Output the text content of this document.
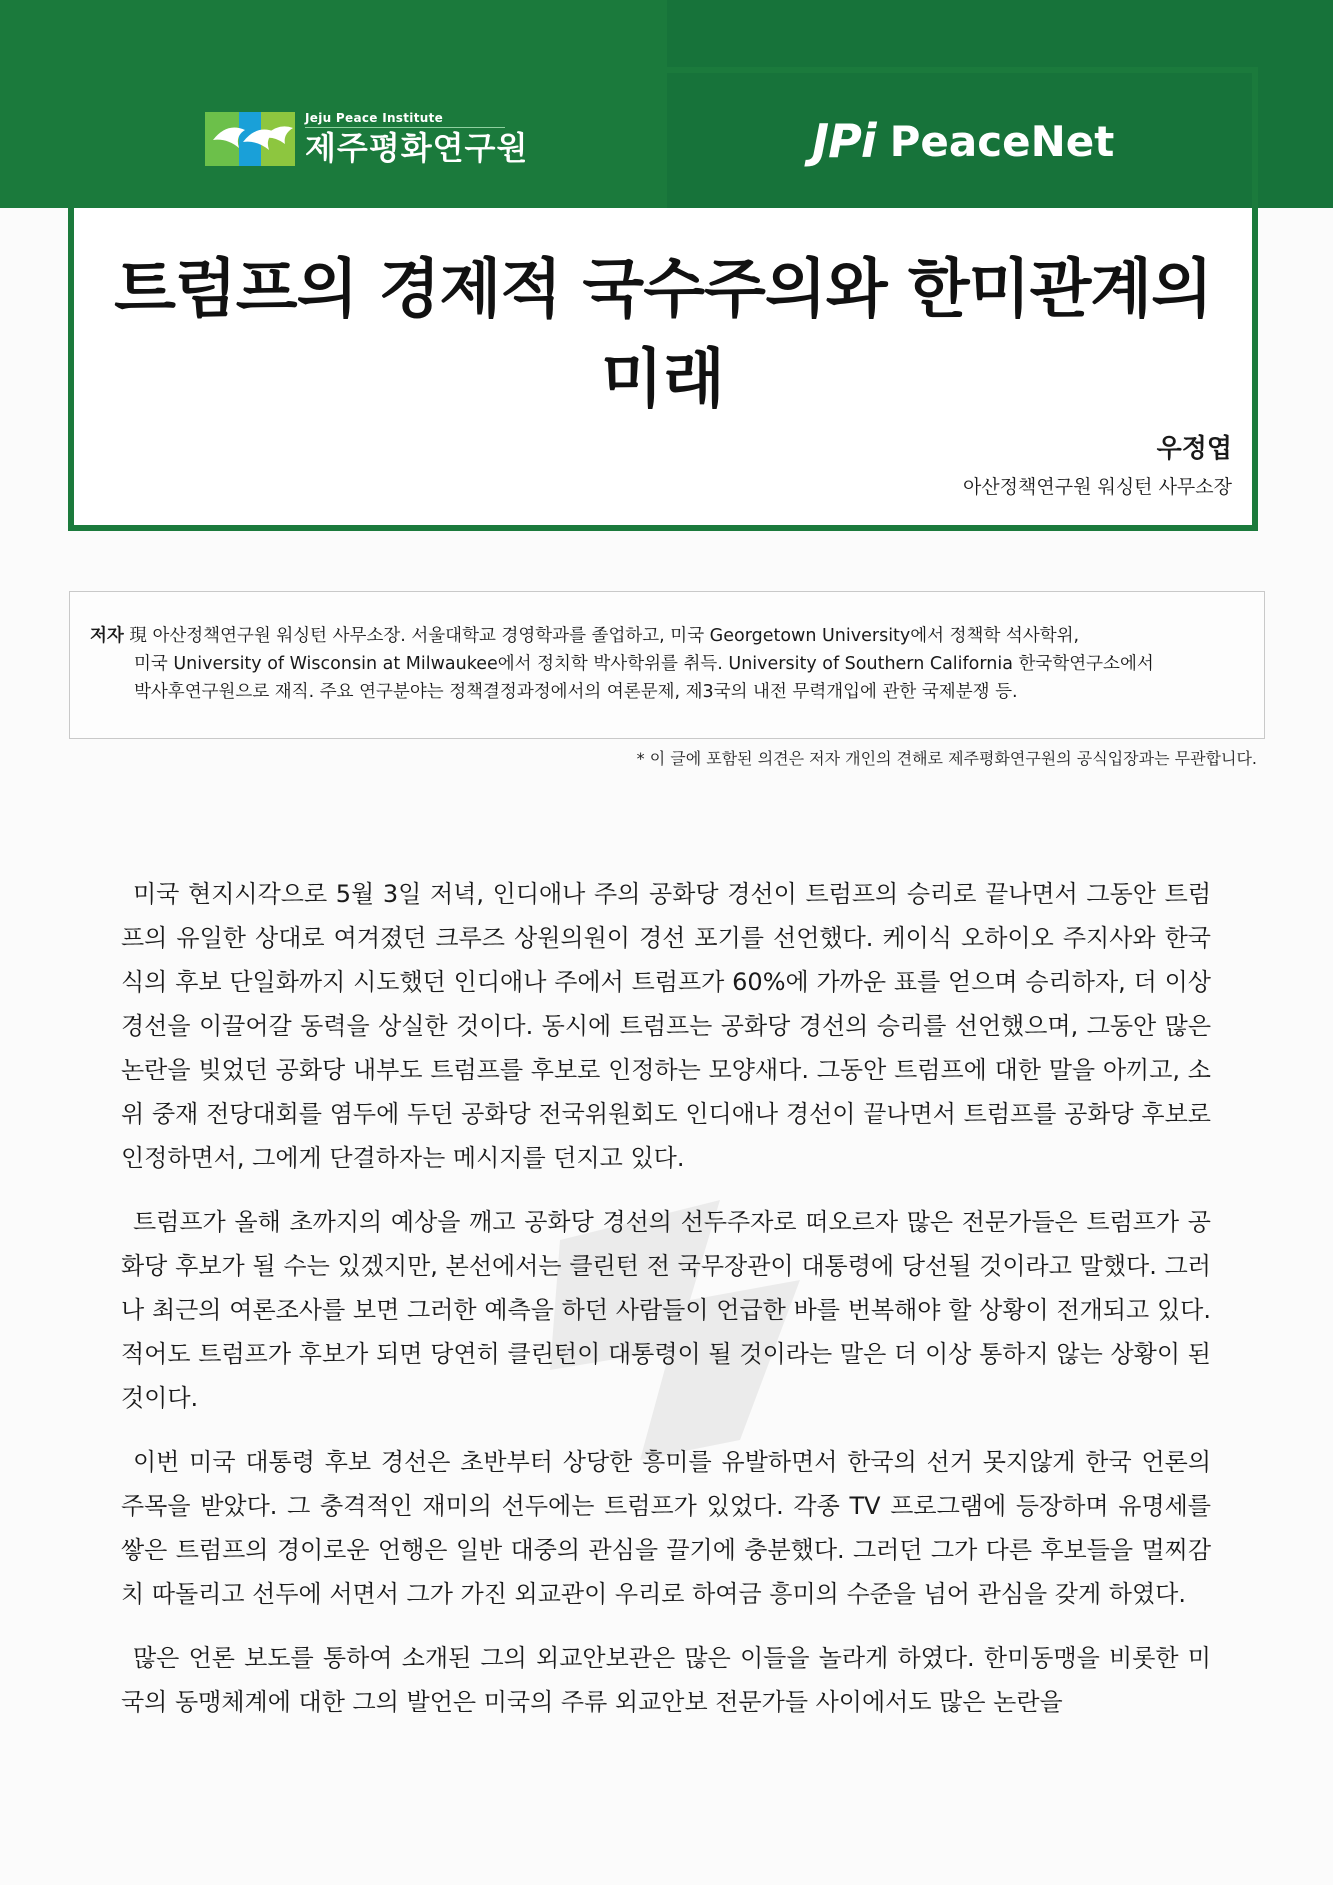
Jeju Peace Institute
제주평화연구원	JPi PeaceNet
트럼프의 경제적 국수주의와 한미관계의
미래
우정엽
아산정책연구원 워싱턴 사무소장
저자 現 아산정책연구원 워싱턴 사무소장. 서울대학교 경영학과를 졸업하고, 미국 Georgetown University에서 정책학 석사학위,
미국 University of Wisconsin at Milwaukee에서 정치학 박사학위를 취득. University of Southern California 한국학연구소에서
박사후연구원으로 재직. 주요 연구분야는 정책결정과정에서의 여론문제, 제3국의 내전 무력개입에 관한 국제분쟁 등.
* 이 글에 포함된 의견은 저자 개인의 견해로 제주평화연구원의 공식입장과는 무관합니다.

미국 현지시각으로 5월 3일 저녁, 인디애나 주의 공화당 경선이 트럼프의 승리로 끝나면서 그동안 트럼프의 유일한 상대로 여겨졌던 크루즈 상원의원이 경선 포기를 선언했다. 케이식 오하이오 주지사와 한국식의 후보 단일화까지 시도했던 인디애나 주에서 트럼프가 60%에 가까운 표를 얻으며 승리하자, 더 이상 경선을 이끌어갈 동력을 상실한 것이다. 동시에 트럼프는 공화당 경선의 승리를 선언했으며, 그동안 많은 논란을 빚었던 공화당 내부도 트럼프를 후보로 인정하는 모양새다. 그동안 트럼프에 대한 말을 아끼고, 소위 중재 전당대회를 염두에 두던 공화당 전국위원회도 인디애나 경선이 끝나면서 트럼프를 공화당 후보로 인정하면서, 그에게 단결하자는 메시지를 던지고 있다.

트럼프가 올해 초까지의 예상을 깨고 공화당 경선의 선두주자로 떠오르자 많은 전문가들은 트럼프가 공화당 후보가 될 수는 있겠지만, 본선에서는 클린턴 전 국무장관이 대통령에 당선될 것이라고 말했다. 그러나 최근의 여론조사를 보면 그러한 예측을 하던 사람들이 언급한 바를 번복해야 할 상황이 전개되고 있다. 적어도 트럼프가 후보가 되면 당연히 클린턴이 대통령이 될 것이라는 말은 더 이상 통하지 않는 상황이 된 것이다.

이번 미국 대통령 후보 경선은 초반부터 상당한 흥미를 유발하면서 한국의 선거 못지않게 한국 언론의 주목을 받았다. 그 충격적인 재미의 선두에는 트럼프가 있었다. 각종 TV 프로그램에 등장하며 유명세를 쌓은 트럼프의 경이로운 언행은 일반 대중의 관심을 끌기에 충분했다. 그러던 그가 다른 후보들을 멀찌감치 따돌리고 선두에 서면서 그가 가진 외교관이 우리로 하여금 흥미의 수준을 넘어 관심을 갖게 하였다.

많은 언론 보도를 통하여 소개된 그의 외교안보관은 많은 이들을 놀라게 하였다. 한미동맹을 비롯한 미국의 동맹체계에 대한 그의 발언은 미국의 주류 외교안보 전문가들 사이에서도 많은 논란을
